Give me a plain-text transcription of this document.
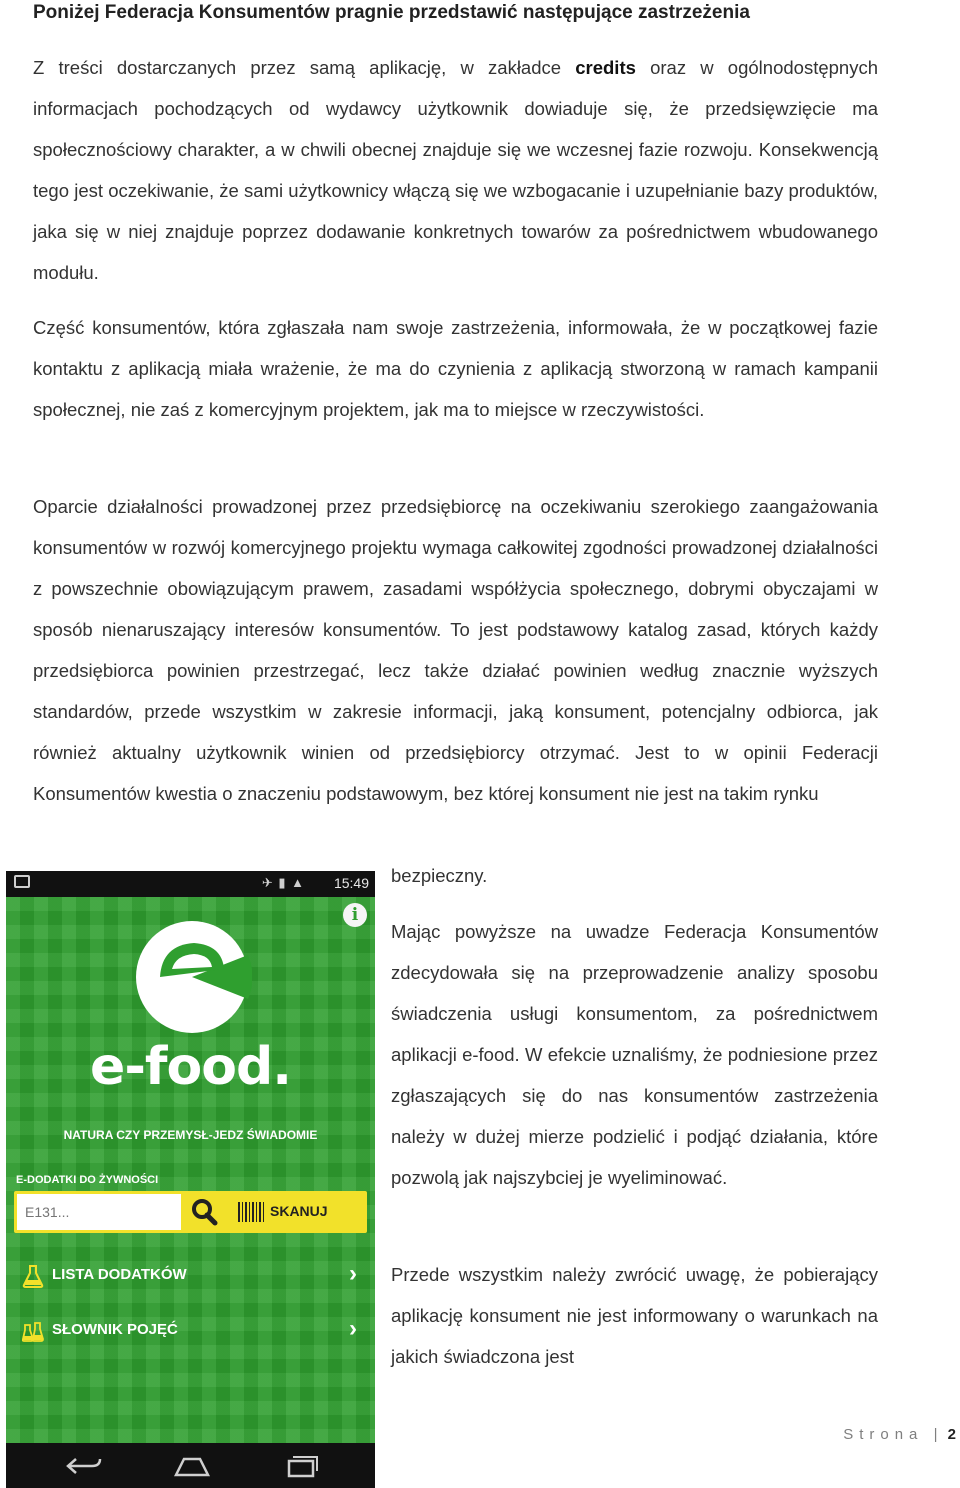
Poniżej Federacja Konsumentów pragnie przedstawić następujące zastrzeżenia

Z treści dostarczanych przez samą aplikację, w zakładce credits oraz w ogólnodostępnych informacjach pochodzących od wydawcy użytkownik dowiaduje się, że przedsięwzięcie ma społecznościowy charakter, a w chwili obecnej znajduje się we wczesnej fazie rozwoju. Konsekwencją tego jest oczekiwanie, że sami użytkownicy włączą się we wzbogacanie i uzupełnianie bazy produktów, jaka się w niej znajduje poprzez dodawanie konkretnych towarów za pośrednictwem wbudowanego modułu.

Część konsumentów, która zgłaszała nam swoje zastrzeżenia, informowała, że w początkowej fazie kontaktu z aplikacją miała wrażenie, że ma do czynienia z aplikacją stworzoną w ramach kampanii społecznej, nie zaś z komercyjnym projektem, jak ma to miejsce w rzeczywistości.

Oparcie działalności prowadzonej przez przedsiębiorcę na oczekiwaniu szerokiego zaangażowania konsumentów w rozwój komercyjnego projektu wymaga całkowitej zgodności prowadzonej działalności z powszechnie obowiązującym prawem, zasadami współżycia społecznego, dobrymi obyczajami w sposób nienaruszający interesów konsumentów. To jest podstawowy katalog zasad, których każdy przedsiębiorca powinien przestrzegać, lecz także działać powinien według znacznie wyższych standardów, przede wszystkim w zakresie informacji, jaką konsument, potencjalny odbiorca, jak również aktualny użytkownik winien od przedsiębiorcy otrzymać. Jest to w opinii Federacji Konsumentów kwestia o znaczeniu podstawowym, bez której konsument nie jest na takim rynku

bezpieczny.

Mając powyższe na uwadze Federacja Konsumentów zdecydowała się na przeprowadzenie analizy sposobu świadczenia usługi konsumentom, za pośrednictwem aplikacji e-food. W efekcie uznaliśmy, że podniesione przez zgłaszających się do nas konsumentów zastrzeżenia należy w dużej mierze podzielić i podjąć działania, które pozwolą jak najszybciej je wyeliminować.

Przede wszystkim należy zwrócić uwagę, że pobierający aplikację konsument nie jest informowany o warunkach na jakich świadczona jest

✈ ▮ ▲ 15:49
i
e-food.
NATURA CZY PRZEMYSŁ-JEDZ ŚWIADOMIE
E-DODATKI DO ŻYWNOŚCI
E131...
SKANUJ
LISTA DODATKÓW	›
SŁOWNIK POJĘĆ	›
Strona | 2
